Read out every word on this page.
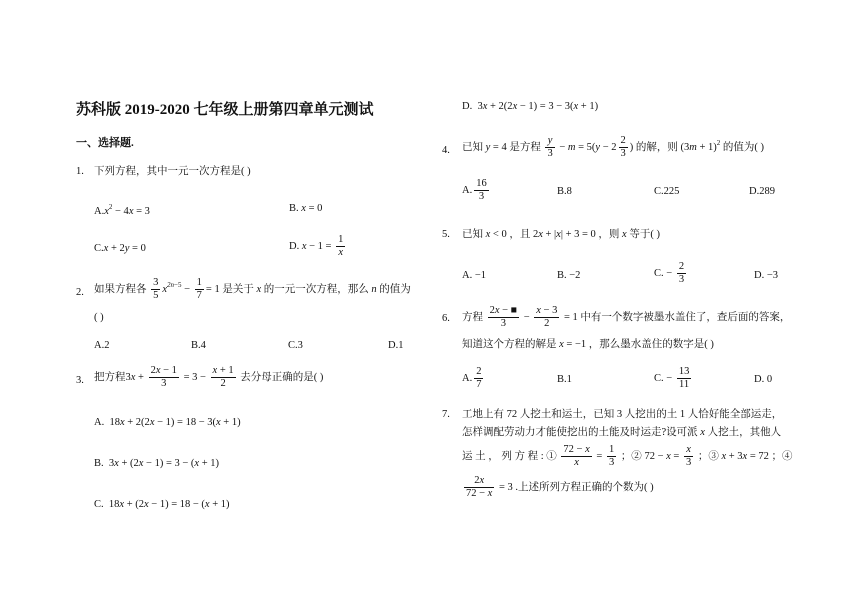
苏科版 2019-2020 七年级上册第四章单元测试
一、选择题.
1. 下列方程，其中一元一次方程是( )
$A.x^2 - 4x = 3$	B. x = 0
C.x + 2y = 0	D. $x - 1 = \frac{1}{x}$
2. 如果方程各 $\frac{3}{5} x^{2n-5} - \frac{1}{7} = 1$ 是关于 x 的一元一次方程，那么 n 的值为
( )
A.2	B.4	C.3	D.1
3. 把方程$3x + \frac{2x - 1}{3} = 3 - \frac{x + 1}{2}$ 去分母正确的是( )
A.  18x + 2(2x − 1) = 18 − 3(x + 1)
B.  3x + (2x − 1) = 3 − (x + 1)
C.  18x + (2x − 1) = 18 − (x + 1)
D.  3x + 2(2x − 1) = 3 − 3(x + 1)
4. 已知 y = 4 是方程 $\frac{y}{3} - m = 5(y - 2 \frac{2}{3}$ ) 的解，则 $(3m + 1)^2$ 的值为( )
A. $\frac{16}{3}$	B.8	C.225	D.289
5. 已知 x < 0 ，且 2x + |x| + 3 = 0 ，则 x 等于( )
A. −1	B. −2	C. − $\frac{2}{3}$	D. −3
6. 方程 $\frac{2x - ■}{3} - \frac{x - 3}{2} = 1$ 中有一个数字被墨水盖住了，查后面的答案，
知道这个方程的解是 x = −1 ，那么墨水盖住的数字是( )
A. $\frac{2}{7}$	B.1	C. − $\frac{13}{11}$	D. 0
7. 工地上有 72 人挖土和运土，已知 3 人挖出的土 1 人恰好能全部运走，
怎样调配劳动力才能使挖出的土能及时运走?设可派 x 人挖土，其他人
运 土 ， 列 方 程 : ① $\frac{72 - x}{x} = \frac{1}{3}$ ；② $72 - x = \frac{x}{3}$ ；③ x + 3x = 72 ；④
$\frac{2x}{72 - x} = 3$ .上述所列方程正确的个数为( )
